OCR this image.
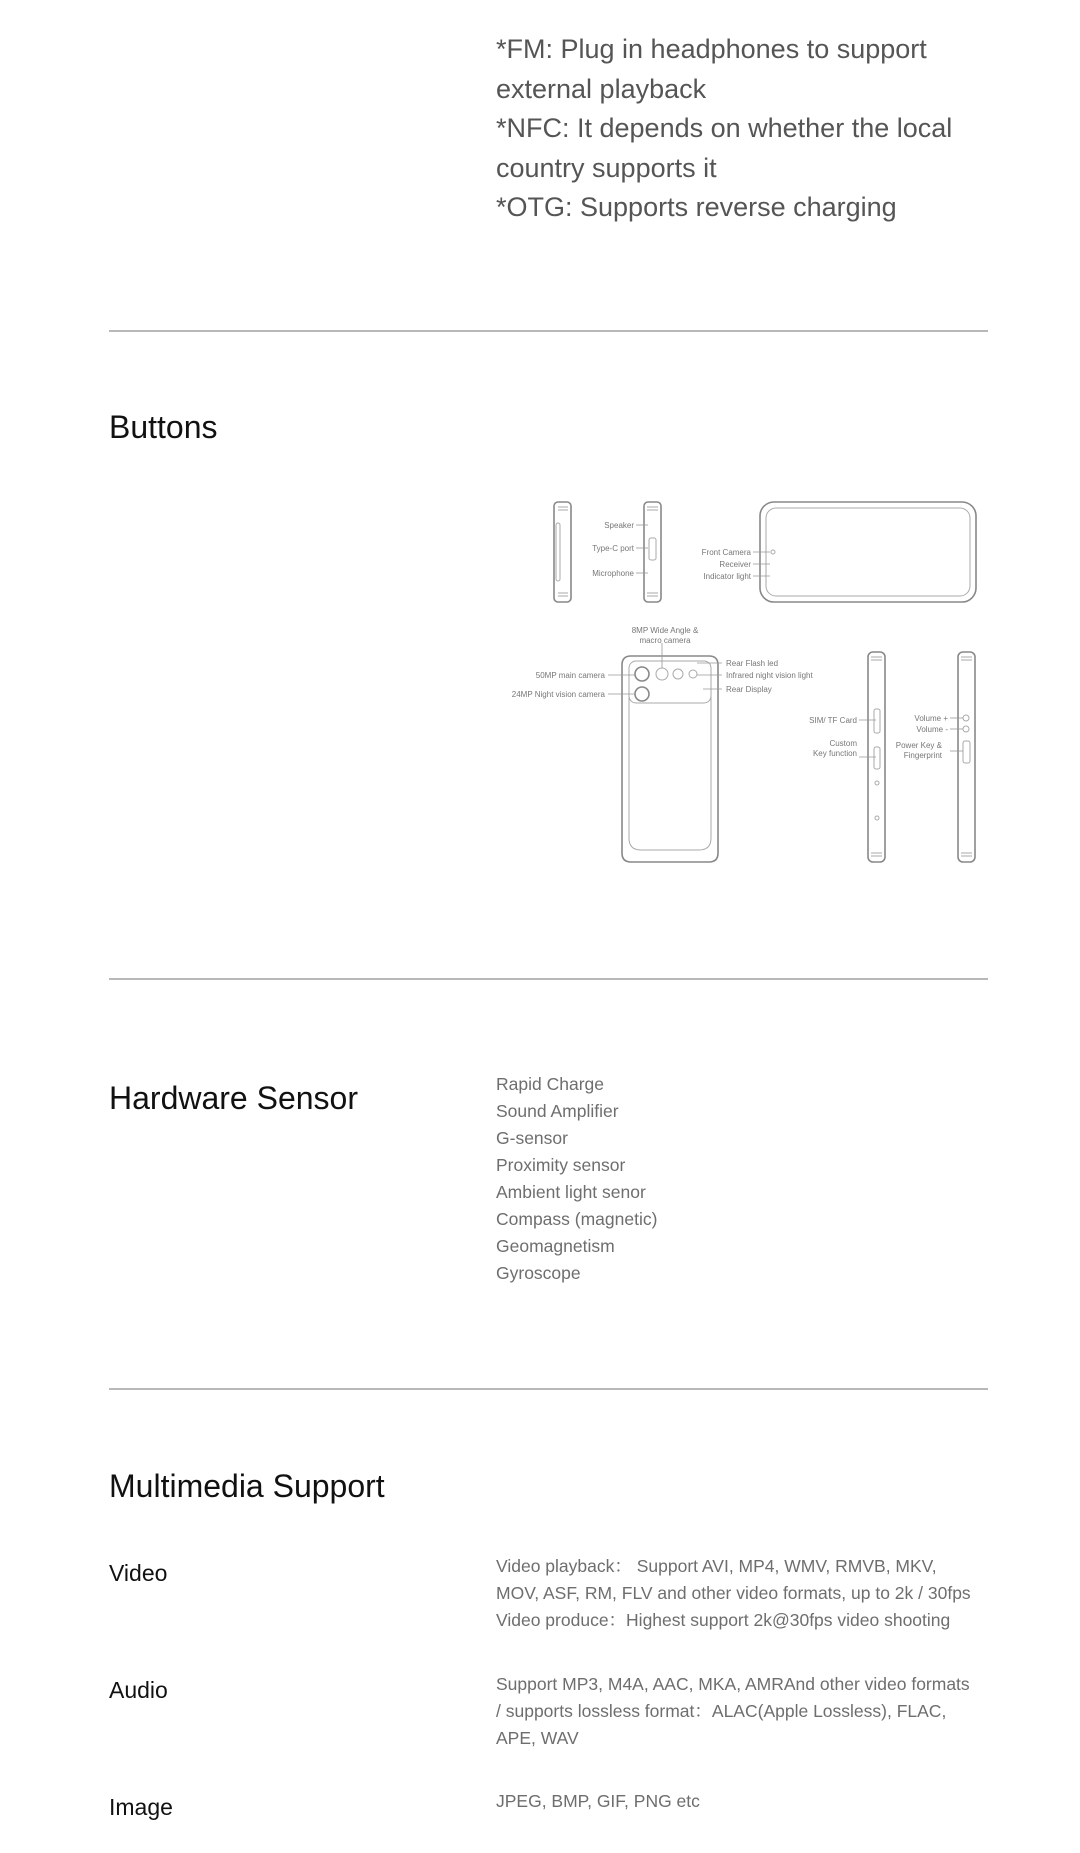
*FM: Plug in headphones to support
external playback
*NFC: It depends on whether the local
country supports it
*OTG: Supports reverse charging
Buttons
Speaker
Type-C port
Microphone
Front Camera
Receiver
Indicator light
8MP Wide Angle &
macro camera
50MP main camera
24MP Night vision camera
Rear Flash led
Infrared night vision light
Rear Display
SIM/ TF Card
Custom
Key function
Volume +
Volume -
Power Key &
Fingerprint
Hardware Sensor	Rapid Charge
Sound Amplifier
G-sensor
Proximity sensor
Ambient light senor
Compass (magnetic)
Geomagnetism
Gyroscope
Multimedia Support
Video	Video playback： Support AVI, MP4, WMV, RMVB, MKV,
MOV, ASF, RM, FLV and other video formats, up to 2k / 30fps
Video produce：Highest support 2k@30fps video shooting
Audio	Support MP3, M4A, AAC, MKA, AMRAnd other video formats
/ supports lossless format：ALAC(Apple Lossless), FLAC,
APE, WAV
Image	JPEG, BMP, GIF, PNG etc
